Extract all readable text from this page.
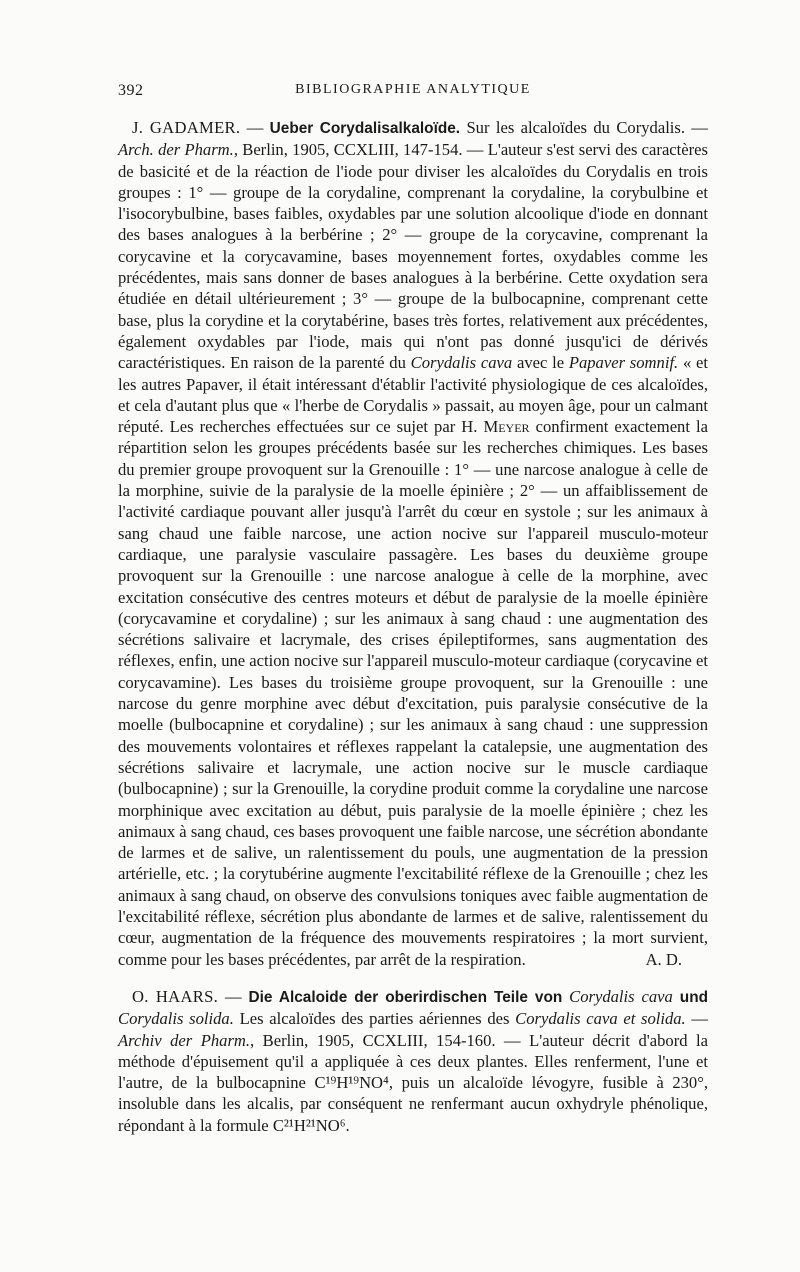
392	BIBLIOGRAPHIE ANALYTIQUE
J. GADAMER. — Ueber Corydalisalkaloïde. Sur les alcaloïdes du Corydalis. — Arch. der Pharm., Berlin, 1905, CCXLIII, 147-154. — L'auteur s'est servi des caractères de basicité et de la réaction de l'iode pour diviser les alcaloïdes du Corydalis en trois groupes : 1° — groupe de la corydaline, comprenant la corydaline, la corybulbine et l'isocorybulbine, bases faibles, oxydables par une solution alcoolique d'iode en donnant des bases analogues à la berbérine ; 2° — groupe de la corycavine, comprenant la corycavine et la corycavamine, bases moyennement fortes, oxydables comme les précédentes, mais sans donner de bases analogues à la berbérine. Cette oxydation sera étudiée en détail ultérieurement ; 3° — groupe de la bulbocapnine, comprenant cette base, plus la corydine et la corytabérine, bases très fortes, relativement aux précédentes, également oxydables par l'iode, mais qui n'ont pas donné jusqu'ici de dérivés caractéristiques. En raison de la parenté du Corydalis cava avec le Papaver somnif. « et les autres Papaver, il était intéressant d'établir l'activité physiologique de ces alcaloïdes, et cela d'autant plus que « l'herbe de Corydalis » passait, au moyen âge, pour un calmant réputé. Les recherches effectuées sur ce sujet par H. Meyer confirment exactement la répartition selon les groupes précédents basée sur les recherches chimiques. Les bases du premier groupe provoquent sur la Grenouille : 1° — une narcose analogue à celle de la morphine, suivie de la paralysie de la moelle épinière ; 2° — un affaiblissement de l'activité cardiaque pouvant aller jusqu'à l'arrêt du cœur en systole ; sur les animaux à sang chaud une faible narcose, une action nocive sur l'appareil musculo-moteur cardiaque, une paralysie vasculaire passagère. Les bases du deuxième groupe provoquent sur la Grenouille : une narcose analogue à celle de la morphine, avec excitation consécutive des centres moteurs et début de paralysie de la moelle épinière (corycavamine et corydaline) ; sur les animaux à sang chaud : une augmentation des sécrétions salivaire et lacrymale, des crises épileptiformes, sans augmentation des réflexes, enfin, une action nocive sur l'appareil musculo-moteur cardiaque (corycavine et corycavamine). Les bases du troisième groupe provoquent, sur la Grenouille : une narcose du genre morphine avec début d'excitation, puis paralysie consécutive de la moelle (bulbocapnine et corydaline) ; sur les animaux à sang chaud : une suppression des mouvements volontaires et réflexes rappelant la catalepsie, une augmentation des sécrétions salivaire et lacrymale, une action nocive sur le muscle cardiaque (bulbocapnine) ; sur la Grenouille, la corydine produit comme la corydaline une narcose morphinique avec excitation au début, puis paralysie de la moelle épinière ; chez les animaux à sang chaud, ces bases provoquent une faible narcose, une sécrétion abondante de larmes et de salive, un ralentissement du pouls, une augmentation de la pression artérielle, etc. ; la corytubérine augmente l'excitabilité réflexe de la Grenouille ; chez les animaux à sang chaud, on observe des convulsions toniques avec faible augmentation de l'excitabilité réflexe, sécrétion plus abondante de larmes et de salive, ralentissement du cœur, augmentation de la fréquence des mouvements respiratoires ; la mort survient, comme pour les bases précédentes, par arrêt de la respiration.	A. D.
O. HAARS. — Die Alcaloide der oberirdischen Teile von Corydalis cava und Corydalis solida. Les alcaloïdes des parties aériennes des Corydalis cava et solida. — Archiv der Pharm., Berlin, 1905, CCXLIII, 154-160. — L'auteur décrit d'abord la méthode d'épuisement qu'il a appliquée à ces deux plantes. Elles renferment, l'une et l'autre, de la bulbocapnine C¹⁹H¹⁹NO⁴, puis un alcaloïde lévogyre, fusible à 230°, insoluble dans les alcalis, par conséquent ne renfermant aucun oxhydryle phénolique, répondant à la formule C²¹H²¹NO⁶.
